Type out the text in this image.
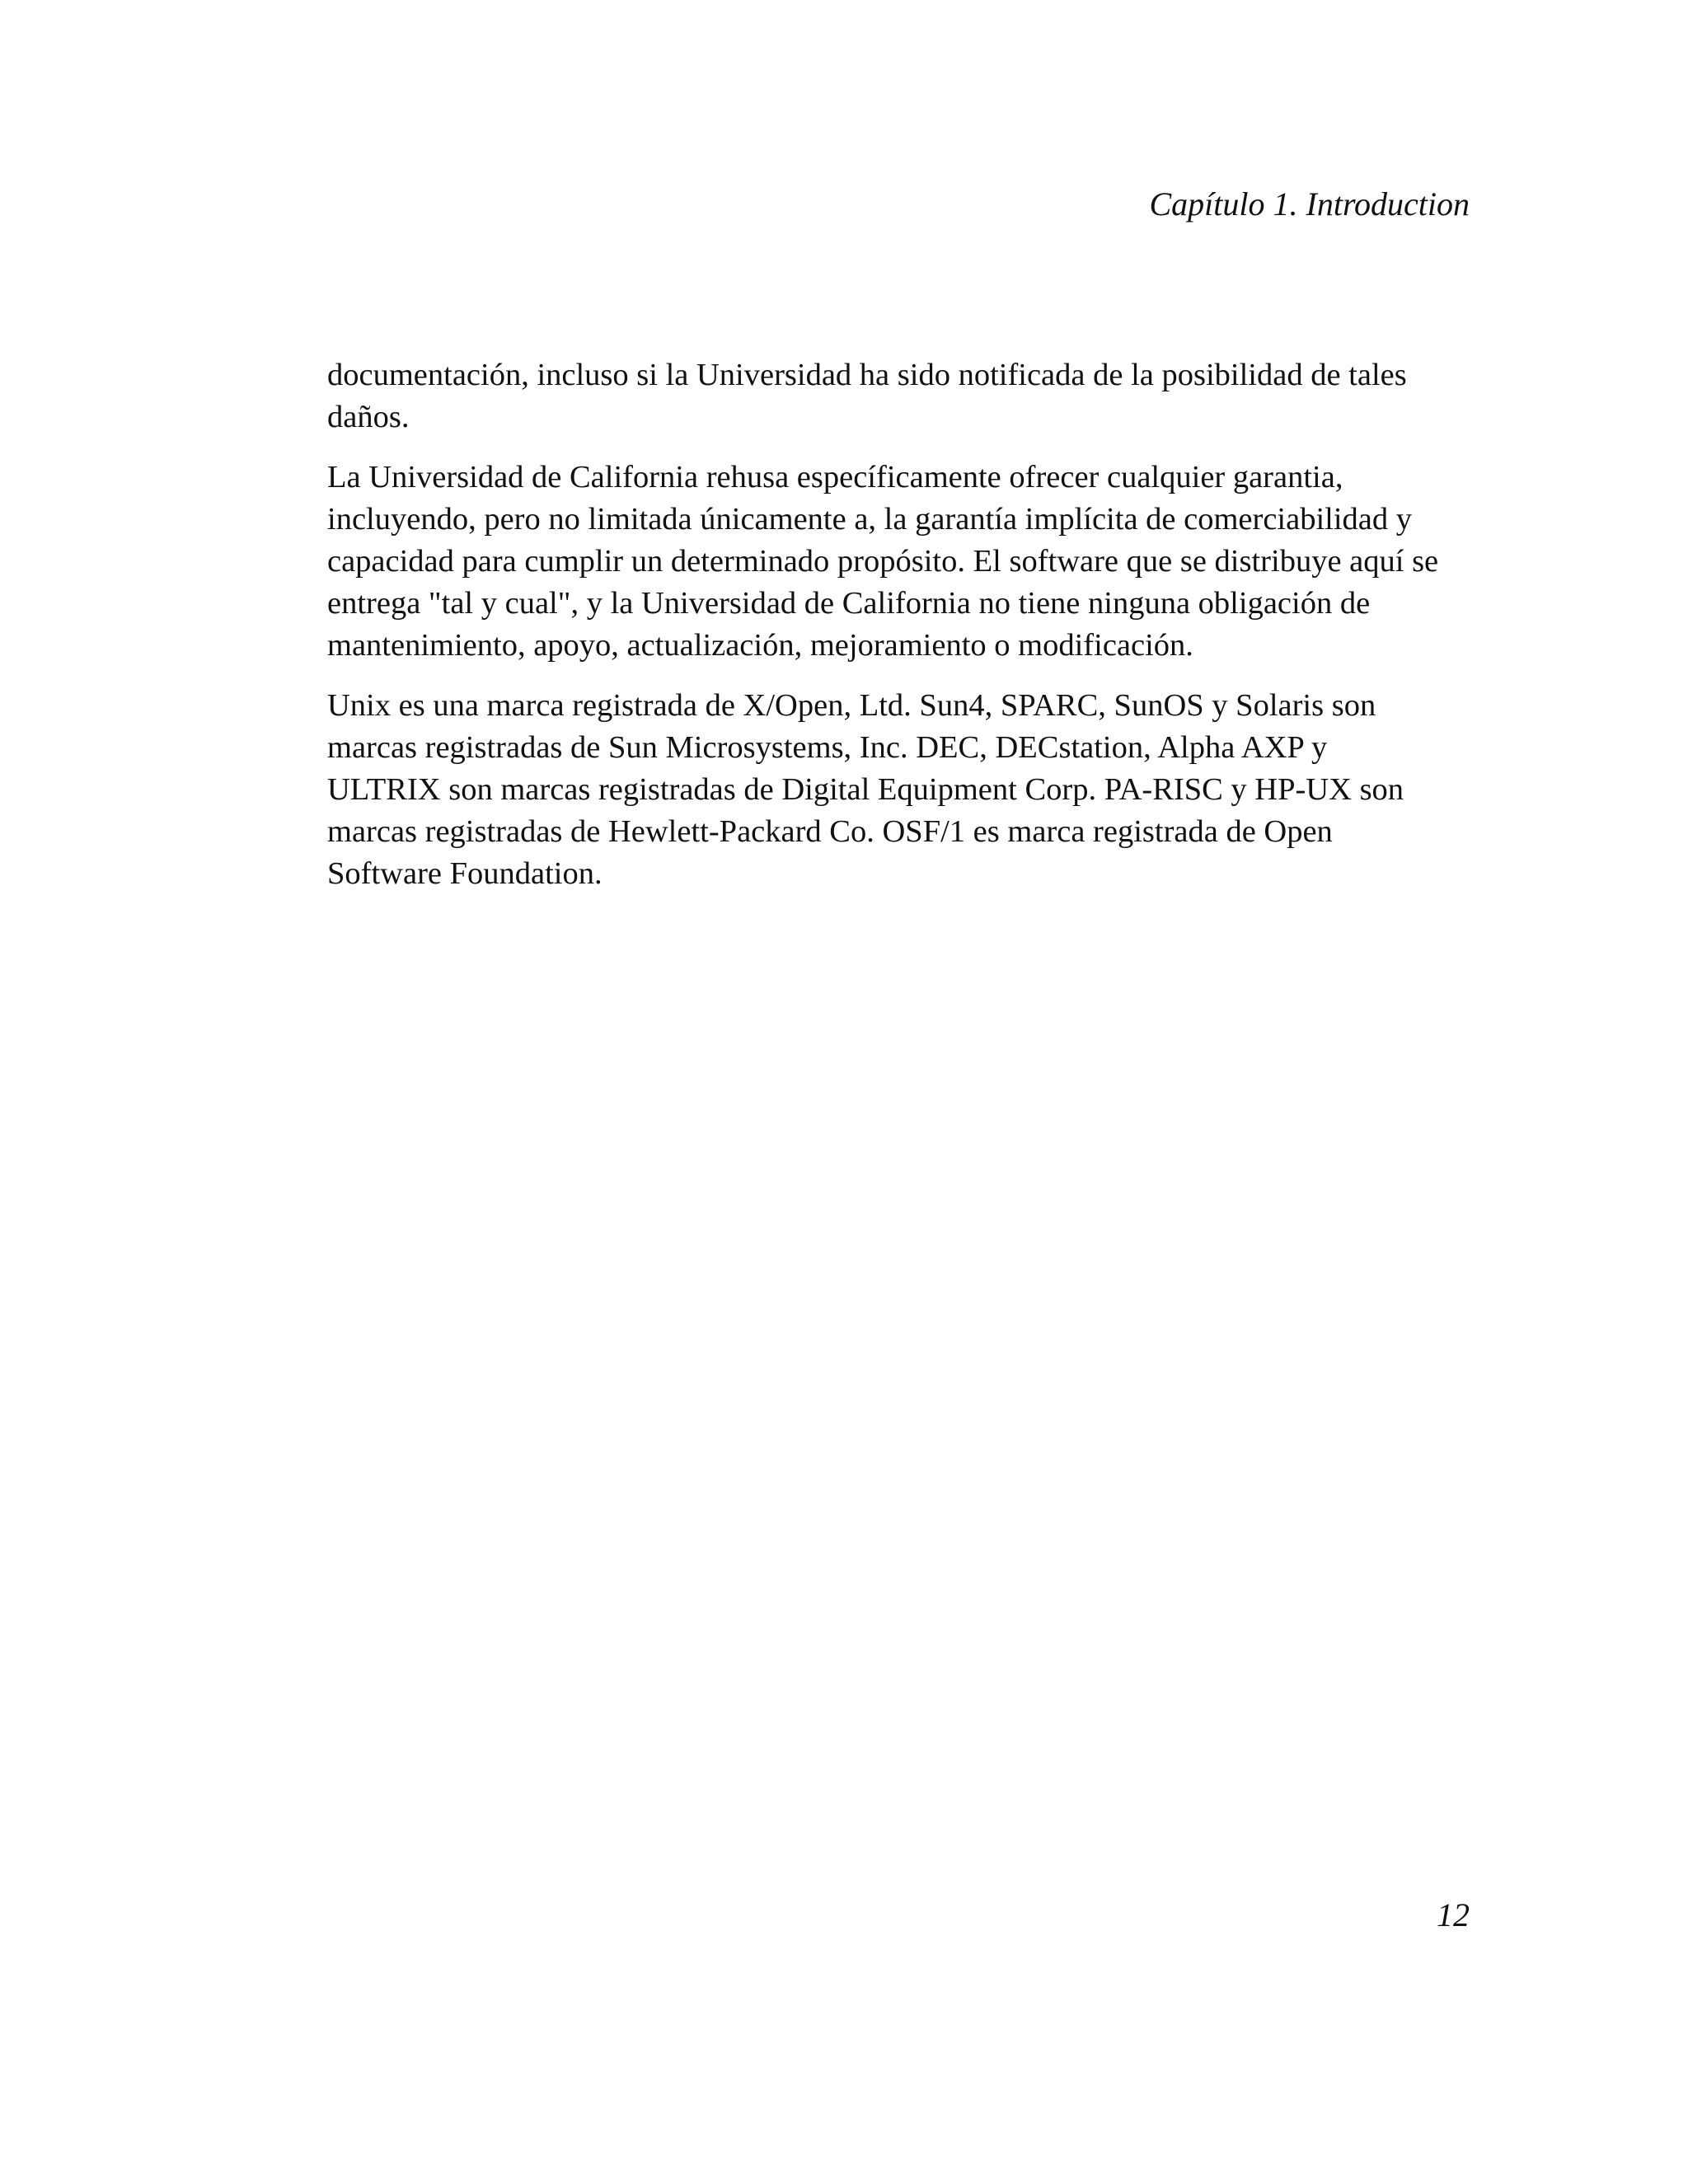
Capítulo 1. Introduction

documentación, incluso si la Universidad ha sido notificada de la posibilidad de tales
daños.

La Universidad de California rehusa específicamente ofrecer cualquier garantia,
incluyendo, pero no limitada únicamente a, la garantía implícita de comerciabilidad y
capacidad para cumplir un determinado propósito. El software que se distribuye aquí se
entrega "tal y cual", y la Universidad de California no tiene ninguna obligación de
mantenimiento, apoyo, actualización, mejoramiento o modificación.

Unix es una marca registrada de X/Open, Ltd. Sun4, SPARC, SunOS y Solaris son
marcas registradas de Sun Microsystems, Inc. DEC, DECstation, Alpha AXP y
ULTRIX son marcas registradas de Digital Equipment Corp. PA-RISC y HP-UX son
marcas registradas de Hewlett-Packard Co. OSF/1 es marca registrada de Open
Software Foundation.

12
